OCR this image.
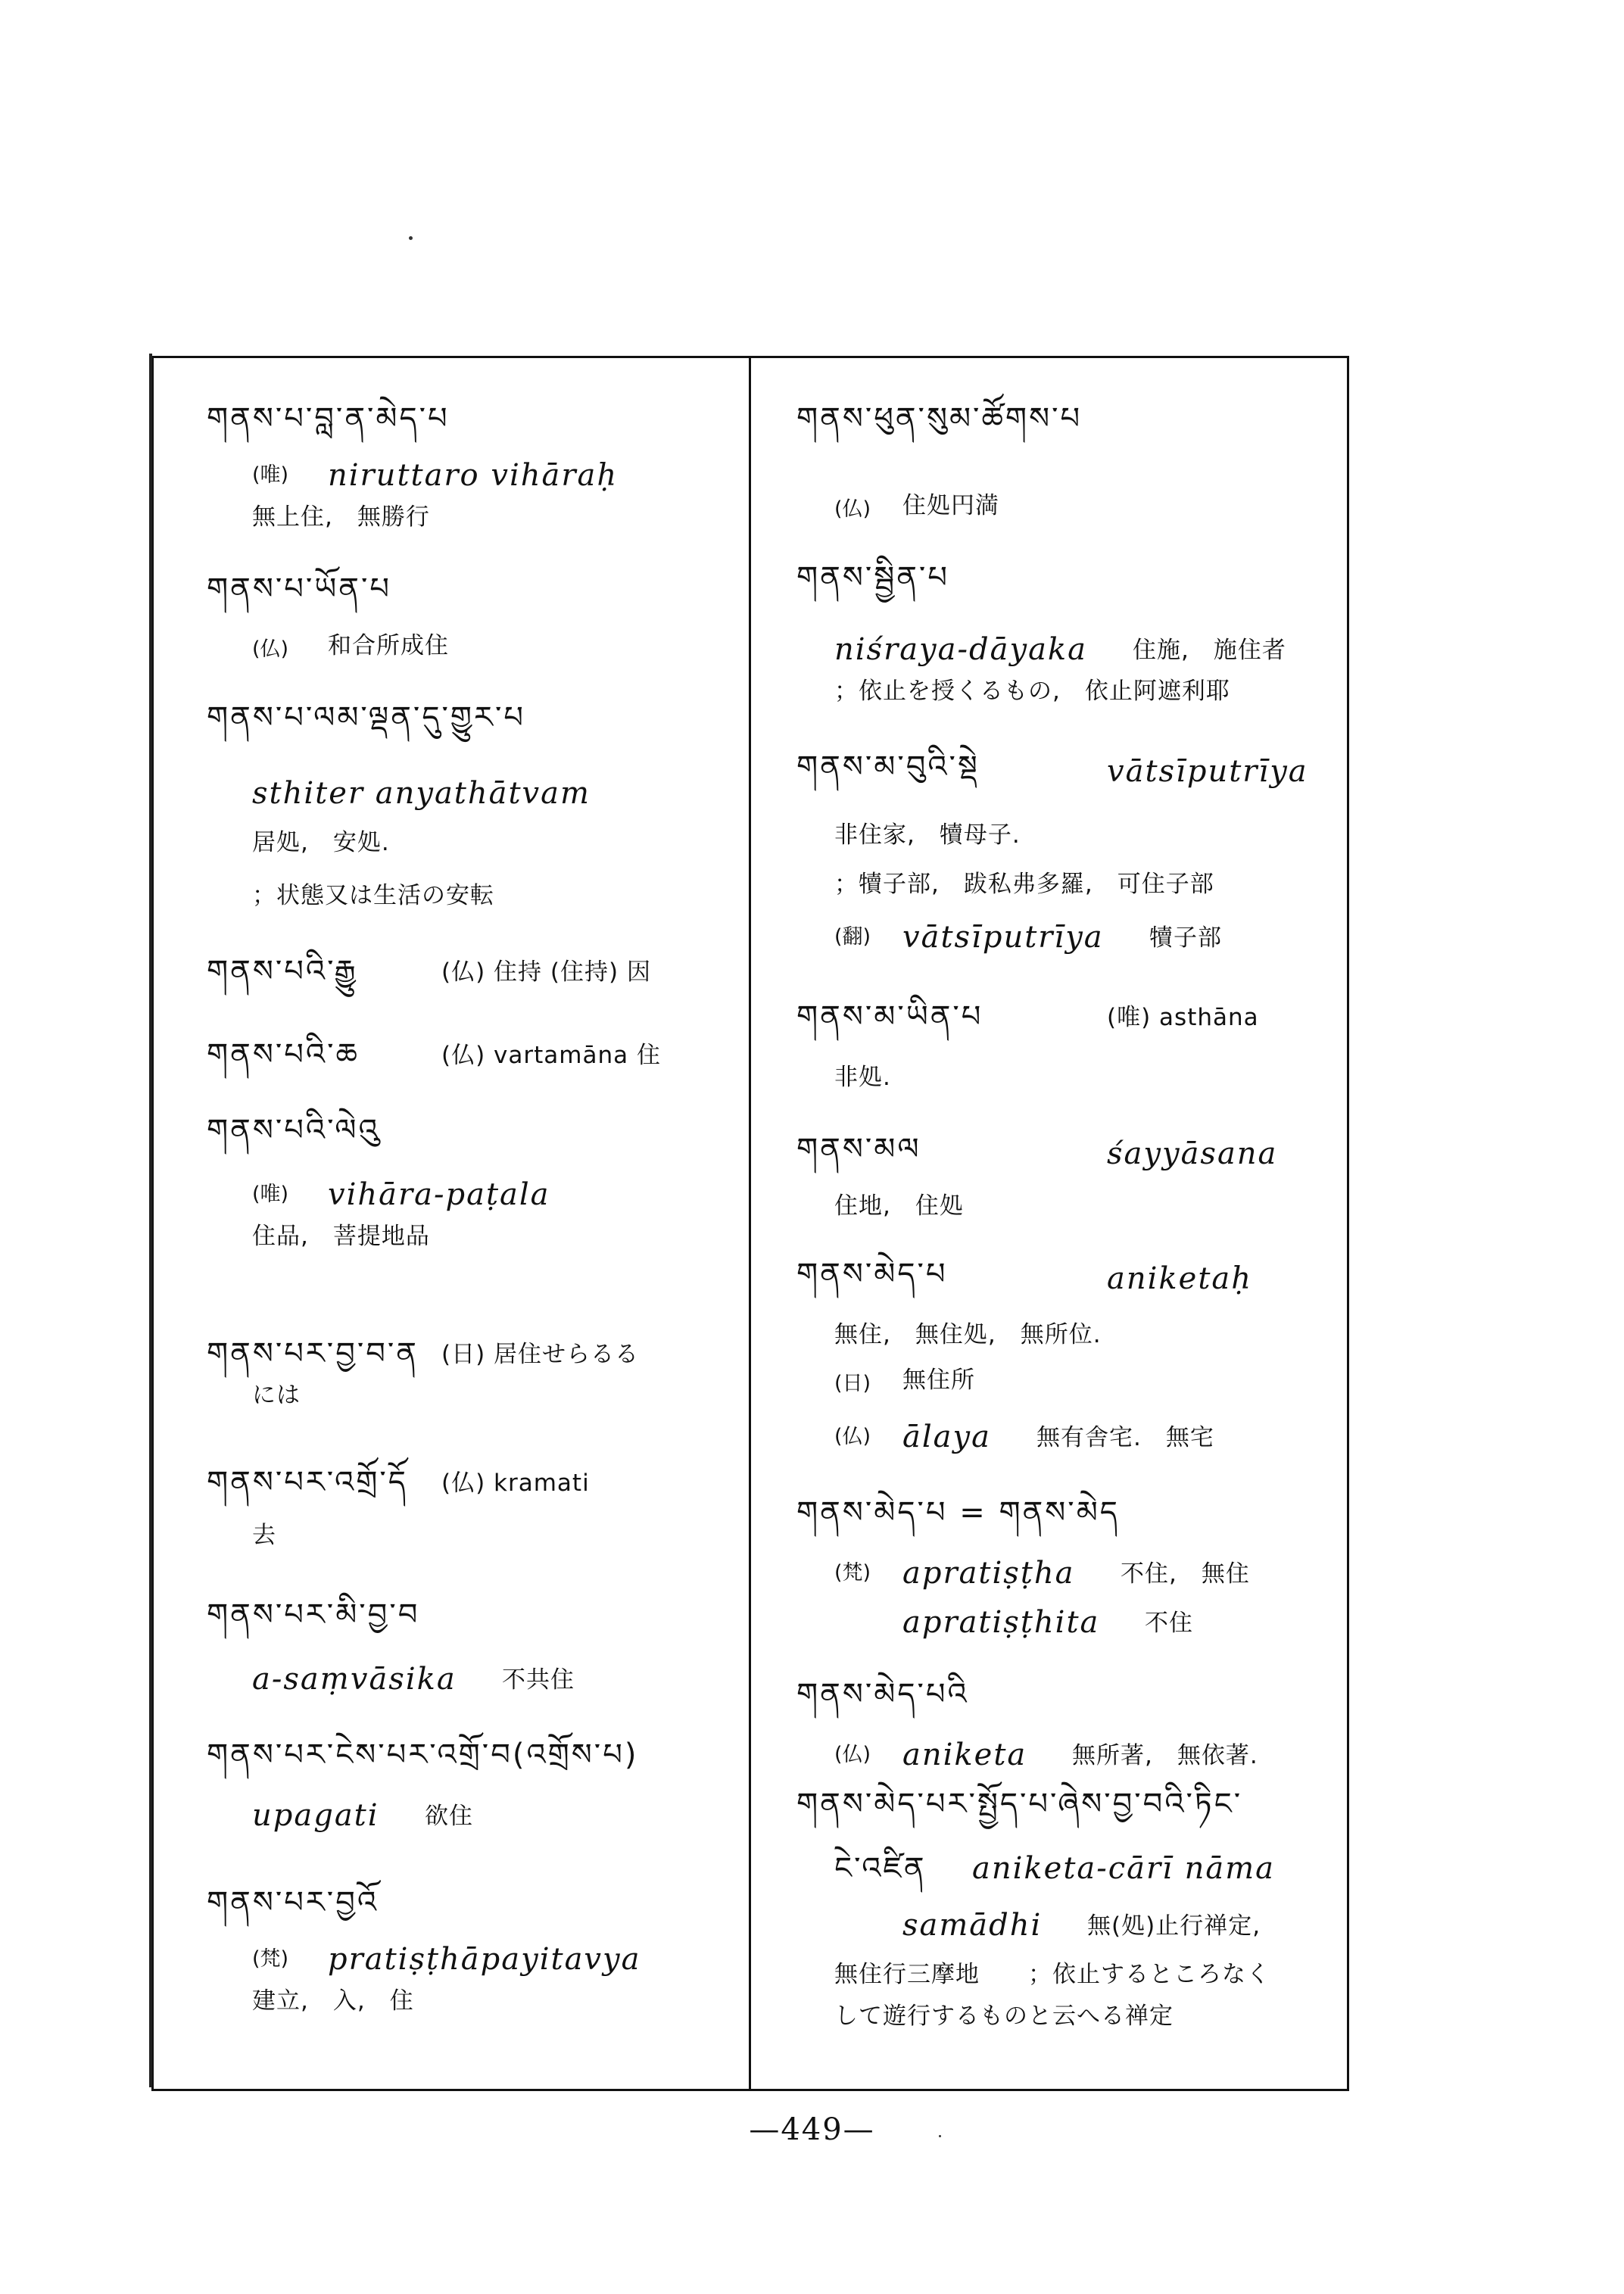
གནས་པ་བླ་ན་མེད་པ
(唯) niruttaro vihāraḥ
無上住,　無勝行
གནས་པ་ཡོན་པ
(仏) 和合所成住
གནས་པ་ལམ་ལྡན་དུ་གྱུར་པ
sthiter anyathātvam
居処,　安処.
；状態又は生活の安転
གནས་པའི་རྒྱུ	(仏) 住持 (住持) 因
གནས་པའི་ཆ	(仏) vartamāna 住
གནས་པའི་ལེའུ
(唯) vihāra-paṭala
住品,　菩提地品
གནས་པར་བྱ་བ་ན (日) 居住せらるる
には
གནས་པར་འགྲོ་དོ (仏) kramati
去
གནས་པར་མི་བྱ་བ
a-saṃvāsika 不共住
གནས་པར་ངེས་པར་འགྲོ་བ(འགྲོས་པ)
upagati 欲住
གནས་པར་བྱའོ
(梵) pratiṣṭhāpayitavya
建立,　入,　住
གནས་ཕུན་སུམ་ཚོགས་པ
(仏) 住処円満
གནས་སྦྱིན་པ
niśraya-dāyaka 住施,　施住者
；依止を授くるもの,　依止阿遮利耶
གནས་མ་བུའི་སྡེ	vātsīputrīya
非住家,　犢母子.
；犢子部,　跋私弗多羅,　可住子部
(翻) vātsīputrīya 犢子部
གནས་མ་ཡིན་པ	(唯) asthāna
非処.
གནས་མལ	śayyāsana
住地,　住処
གནས་མེད་པ	aniketaḥ
無住,　無住処,　無所位.
(日) 無住所
(仏) ālaya 無有舎宅.　無宅
གནས་མེད་པ = གནས་མེད
(梵) apratiṣṭha 不住,　無住
apratiṣṭhita 不住
གནས་མེད་པའི
(仏) aniketa 無所著,　無依著.
གནས་མེད་པར་སྤྱོད་པ་ཞེས་བྱ་བའི་ཏིང་
ངེ་འཛིན aniketa-cārī nāma
samādhi 無(処)止行禅定,
無住行三摩地　　；依止するところなく
して遊行するものと云へる禅定
—449—
